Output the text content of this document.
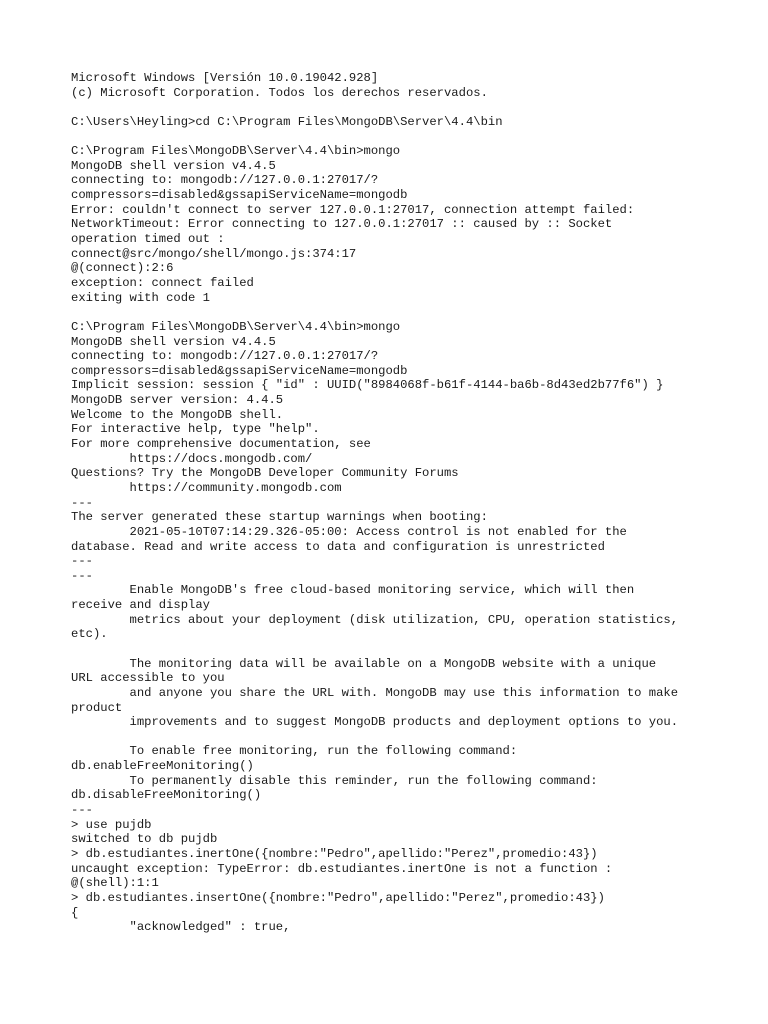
Microsoft Windows [Versión 10.0.19042.928]
(c) Microsoft Corporation. Todos los derechos reservados.
C:\Users\Heyling>cd C:\Program Files\MongoDB\Server\4.4\bin
C:\Program Files\MongoDB\Server\4.4\bin>mongo
MongoDB shell version v4.4.5
connecting to: mongodb://127.0.0.1:27017/?
compressors=disabled&gssapiServiceName=mongodb
Error: couldn't connect to server 127.0.0.1:27017, connection attempt failed:
NetworkTimeout: Error connecting to 127.0.0.1:27017 :: caused by :: Socket
operation timed out :
connect@src/mongo/shell/mongo.js:374:17
@(connect):2:6
exception: connect failed
exiting with code 1
C:\Program Files\MongoDB\Server\4.4\bin>mongo
MongoDB shell version v4.4.5
connecting to: mongodb://127.0.0.1:27017/?
compressors=disabled&gssapiServiceName=mongodb
Implicit session: session { "id" : UUID("8984068f-b61f-4144-ba6b-8d43ed2b77f6") }
MongoDB server version: 4.4.5
Welcome to the MongoDB shell.
For interactive help, type "help".
For more comprehensive documentation, see
https://docs.mongodb.com/
Questions? Try the MongoDB Developer Community Forums
https://community.mongodb.com
---
The server generated these startup warnings when booting:
2021-05-10T07:14:29.326-05:00: Access control is not enabled for the
database. Read and write access to data and configuration is unrestricted
---
---
Enable MongoDB's free cloud-based monitoring service, which will then
receive and display
metrics about your deployment (disk utilization, CPU, operation statistics,
etc).
The monitoring data will be available on a MongoDB website with a unique
URL accessible to you
and anyone you share the URL with. MongoDB may use this information to make
product
improvements and to suggest MongoDB products and deployment options to you.
To enable free monitoring, run the following command:
db.enableFreeMonitoring()
To permanently disable this reminder, run the following command:
db.disableFreeMonitoring()
---
> use pujdb
switched to db pujdb
> db.estudiantes.inertOne({nombre:"Pedro",apellido:"Perez",promedio:43})
uncaught exception: TypeError: db.estudiantes.inertOne is not a function :
@(shell):1:1
> db.estudiantes.insertOne({nombre:"Pedro",apellido:"Perez",promedio:43})
{
"acknowledged" : true,
